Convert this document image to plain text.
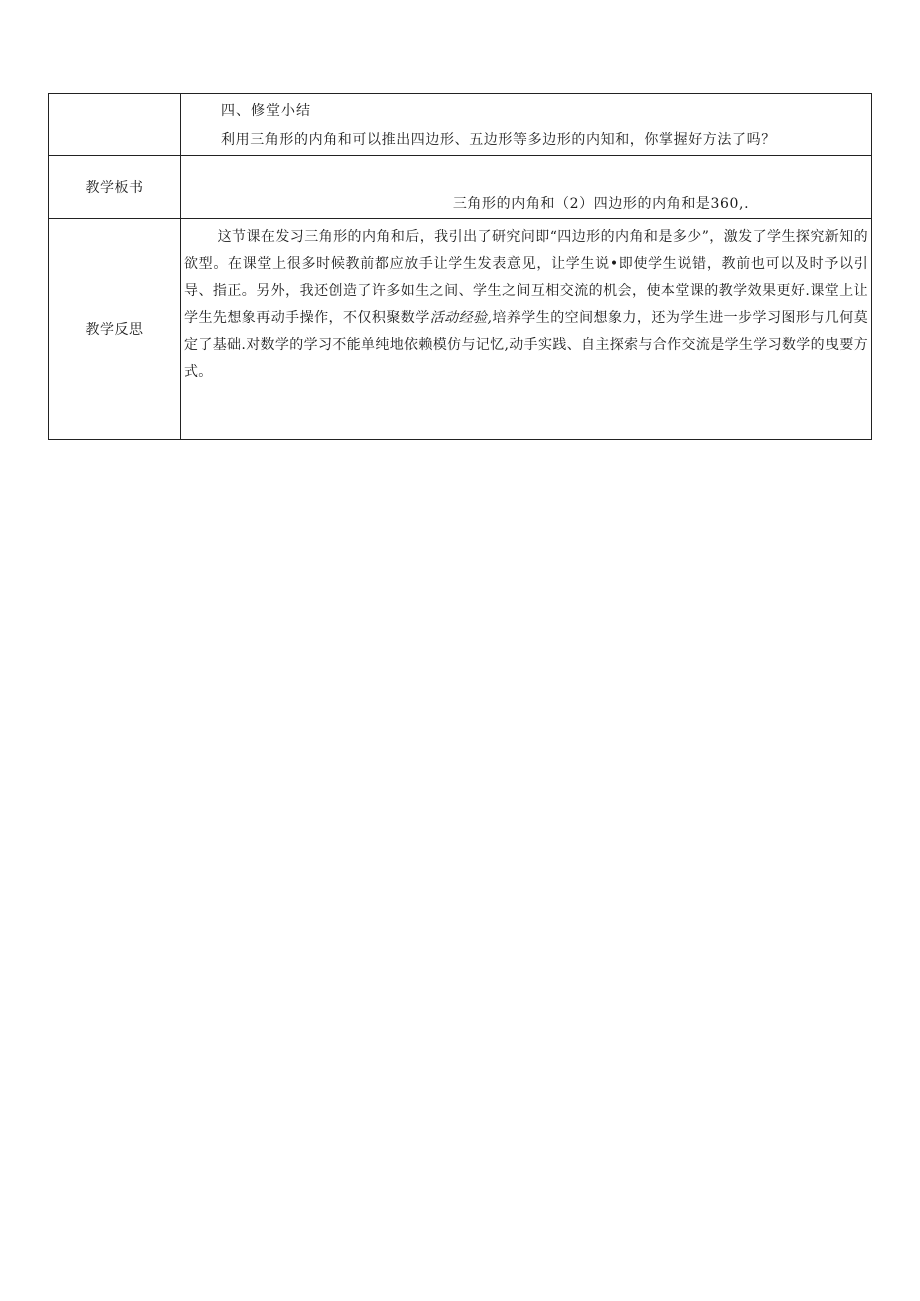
	四、修堂小结
利用三角形的内角和可以推出四边形、五边形等多边形的内知和，你掌握好方法了吗？

教学板书	三角形的内角和（2）四边形的内角和是360,.
教学反思	这节课在发习三角形的内角和后，我引出了研究问即“四边形的内角和是多少”，激发了学生探究新知的欲型。在课堂上很多时候教前都应放手让学生发表意见，让学生说•即使学生说错，教前也可以及时予以引导、指正。另外，我还创造了许多如生之间、学生之间互相交流的机会，使本堂课的教学效果更好.课堂上让学生先想象再动手操作，不仅积聚数学活动经验,培养学生的空间想象力，还为学生进一步学习图形与几何莫定了基础.对数学的学习不能单纯地依赖模仿与记忆,动手实践、自主探索与合作交流是学生学习数学的曳要方式。
